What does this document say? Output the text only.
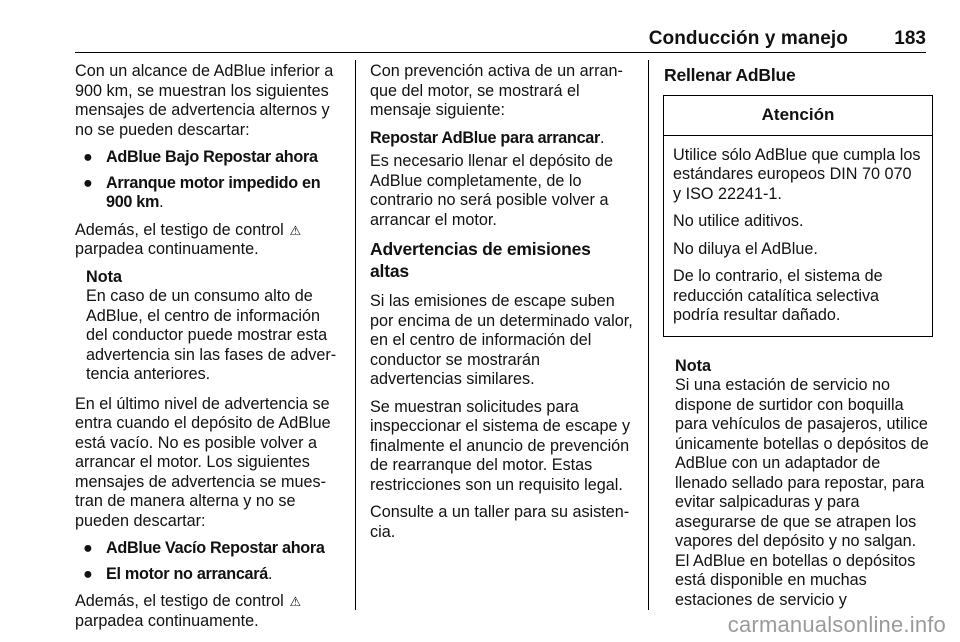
Conducción y manejo 183

Con un alcance de AdBlue inferior a 900 km, se muestran los siguientes mensajes de advertencia alternos y no se pueden descartar:

● AdBlue Bajo Repostar ahora
● Arranque motor impedido en 900 km.

Además, el testigo de control ⚠
parpadea continuamente.

Nota
En caso de un consumo alto de AdBlue, el centro de información del conductor puede mostrar esta advertencia sin las fases de advertencia anteriores.

En el último nivel de advertencia se entra cuando el depósito de AdBlue está vacío. No es posible volver a arrancar el motor. Los siguientes mensajes de advertencia se muestran de manera alterna y no se pueden descartar:

● AdBlue Vacío Repostar ahora
● El motor no arrancará.

Además, el testigo de control ⚠
parpadea continuamente.

Con prevención activa de un arranque del motor, se mostrará el mensaje siguiente:

Repostar AdBlue para arrancar.

Es necesario llenar el depósito de AdBlue completamente, de lo contrario no será posible volver a arrancar el motor.

Advertencias de emisiones altas

Si las emisiones de escape suben por encima de un determinado valor, en el centro de información del conductor se mostrarán advertencias similares.

Se muestran solicitudes para inspeccionar el sistema de escape y finalmente el anuncio de prevención de rearranque del motor. Estas restricciones son un requisito legal.

Consulte a un taller para su asistencia.

Rellenar AdBlue
Atención

Utilice sólo AdBlue que cumpla los estándares europeos DIN 70 070 y ISO 22241-1.

No utilice aditivos.

No diluya el AdBlue.

De lo contrario, el sistema de reducción catalítica selectiva podría resultar dañado.

Nota
Si una estación de servicio no dispone de surtidor con boquilla para vehículos de pasajeros, utilice únicamente botellas o depósitos de AdBlue con un adaptador de llenado sellado para repostar, para evitar salpicaduras y para asegurarse de que se atrapen los vapores del depósito y no salgan. El AdBlue en botellas o depósitos está disponible en muchas estaciones de servicio y
carmanualsonline.info
